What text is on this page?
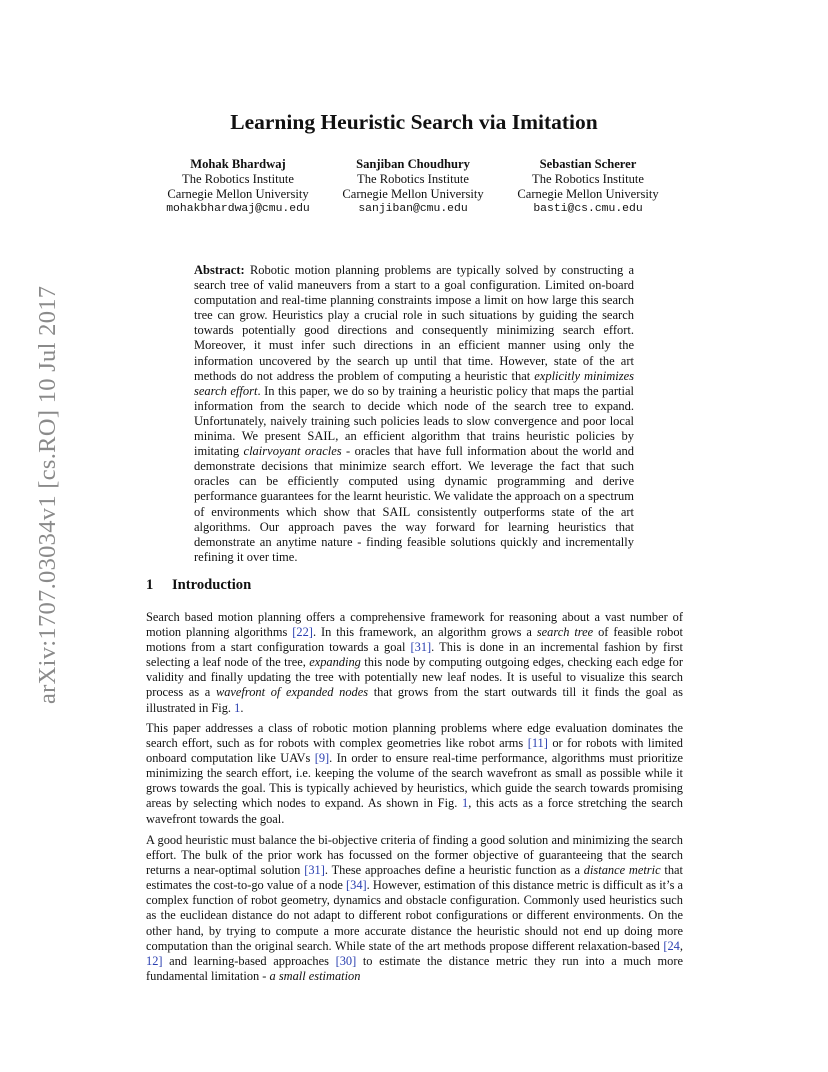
arXiv:1707.03034v1 [cs.RO] 10 Jul 2017
Learning Heuristic Search via Imitation
Mohak Bhardwaj
The Robotics Institute
Carnegie Mellon University
mohakbhardwaj@cmu.edu
Sanjiban Choudhury
The Robotics Institute
Carnegie Mellon University
sanjiban@cmu.edu
Sebastian Scherer
The Robotics Institute
Carnegie Mellon University
basti@cs.cmu.edu
Abstract: Robotic motion planning problems are typically solved by constructing a search tree of valid maneuvers from a start to a goal configuration. Limited on-board computation and real-time planning constraints impose a limit on how large this search tree can grow. Heuristics play a crucial role in such situations by guiding the search towards potentially good directions and consequently minimizing search effort. Moreover, it must infer such directions in an efficient manner using only the information uncovered by the search up until that time. However, state of the art methods do not address the problem of computing a heuristic that explicitly minimizes search effort. In this paper, we do so by training a heuristic policy that maps the partial information from the search to decide which node of the search tree to expand. Unfortunately, naively training such policies leads to slow convergence and poor local minima. We present SAIL, an efficient algorithm that trains heuristic policies by imitating clairvoyant oracles - oracles that have full information about the world and demonstrate decisions that minimize search effort. We leverage the fact that such oracles can be efficiently computed using dynamic programming and derive performance guarantees for the learnt heuristic. We validate the approach on a spectrum of environments which show that SAIL consistently outperforms state of the art algorithms. Our approach paves the way forward for learning heuristics that demonstrate an anytime nature - finding feasible solutions quickly and incrementally refining it over time.
1 Introduction
Search based motion planning offers a comprehensive framework for reasoning about a vast number of motion planning algorithms [22]. In this framework, an algorithm grows a search tree of feasible robot motions from a start configuration towards a goal [31]. This is done in an incremental fashion by first selecting a leaf node of the tree, expanding this node by computing outgoing edges, checking each edge for validity and finally updating the tree with potentially new leaf nodes. It is useful to visualize this search process as a wavefront of expanded nodes that grows from the start outwards till it finds the goal as illustrated in Fig. 1.
This paper addresses a class of robotic motion planning problems where edge evaluation dominates the search effort, such as for robots with complex geometries like robot arms [11] or for robots with limited onboard computation like UAVs [9]. In order to ensure real-time performance, algorithms must prioritize minimizing the search effort, i.e. keeping the volume of the search wavefront as small as possible while it grows towards the goal. This is typically achieved by heuristics, which guide the search towards promising areas by selecting which nodes to expand. As shown in Fig. 1, this acts as a force stretching the search wavefront towards the goal.
A good heuristic must balance the bi-objective criteria of finding a good solution and minimizing the search effort. The bulk of the prior work has focussed on the former objective of guaranteeing that the search returns a near-optimal solution [31]. These approaches define a heuristic function as a distance metric that estimates the cost-to-go value of a node [34]. However, estimation of this distance metric is difficult as it’s a complex function of robot geometry, dynamics and obstacle configuration. Commonly used heuristics such as the euclidean distance do not adapt to different robot configurations or different environments. On the other hand, by trying to compute a more accurate distance the heuristic should not end up doing more computation than the original search. While state of the art methods propose different relaxation-based [24, 12] and learning-based approaches [30] to estimate the distance metric they run into a much more fundamental limitation - a small estimation
